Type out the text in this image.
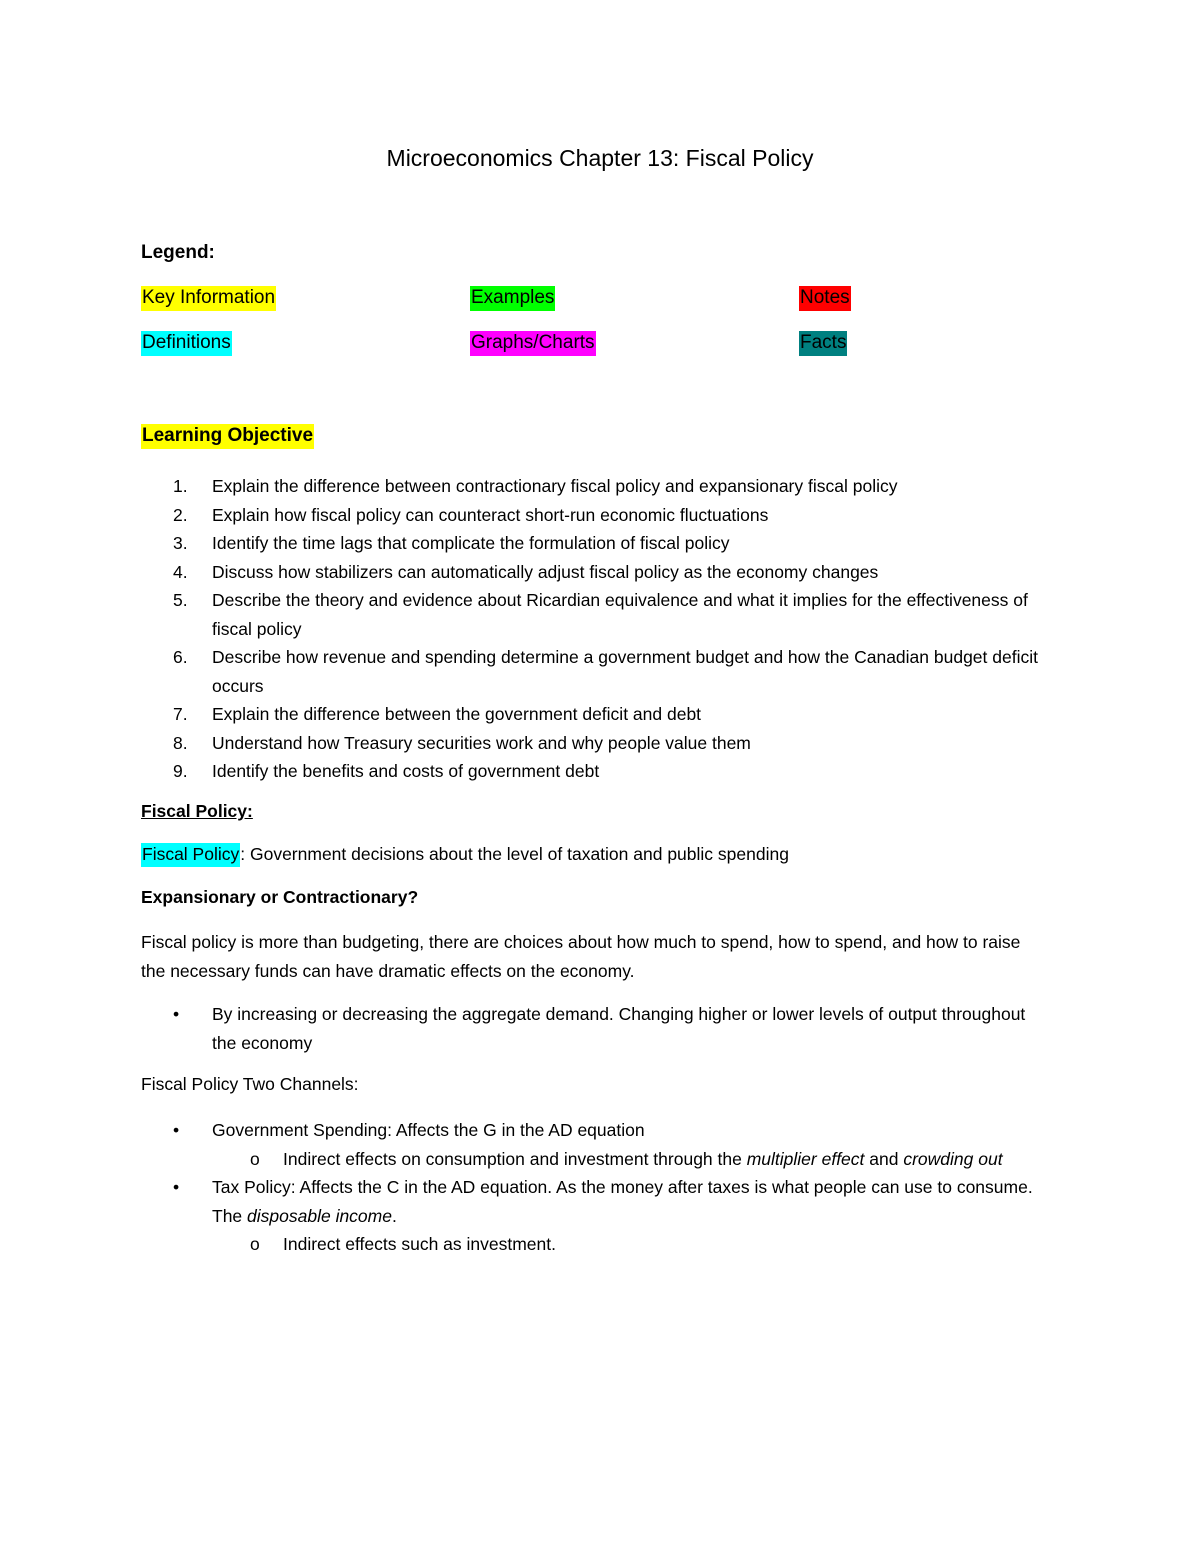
Microeconomics Chapter 13: Fiscal Policy
Legend:
Key Information	Examples	Notes
Definitions	Graphs/Charts	Facts
Learning Objective
1. Explain the difference between contractionary fiscal policy and expansionary fiscal policy
2. Explain how fiscal policy can counteract short-run economic fluctuations
3. Identify the time lags that complicate the formulation of fiscal policy
4. Discuss how stabilizers can automatically adjust fiscal policy as the economy changes
5. Describe the theory and evidence about Ricardian equivalence and what it implies for the effectiveness of fiscal policy
6. Describe how revenue and spending determine a government budget and how the Canadian budget deficit occurs
7. Explain the difference between the government deficit and debt
8. Understand how Treasury securities work and why people value them
9. Identify the benefits and costs of government debt
Fiscal Policy:
Fiscal Policy: Government decisions about the level of taxation and public spending
Expansionary or Contractionary?
Fiscal policy is more than budgeting, there are choices about how much to spend, how to spend, and how to raise the necessary funds can have dramatic effects on the economy.
• By increasing or decreasing the aggregate demand. Changing higher or lower levels of output throughout the economy
Fiscal Policy Two Channels:
• Government Spending: Affects the G in the AD equation
o Indirect effects on consumption and investment through the multiplier effect and crowding out
• Tax Policy: Affects the C in the AD equation. As the money after taxes is what people can use to consume. The disposable income.
o Indirect effects such as investment.
